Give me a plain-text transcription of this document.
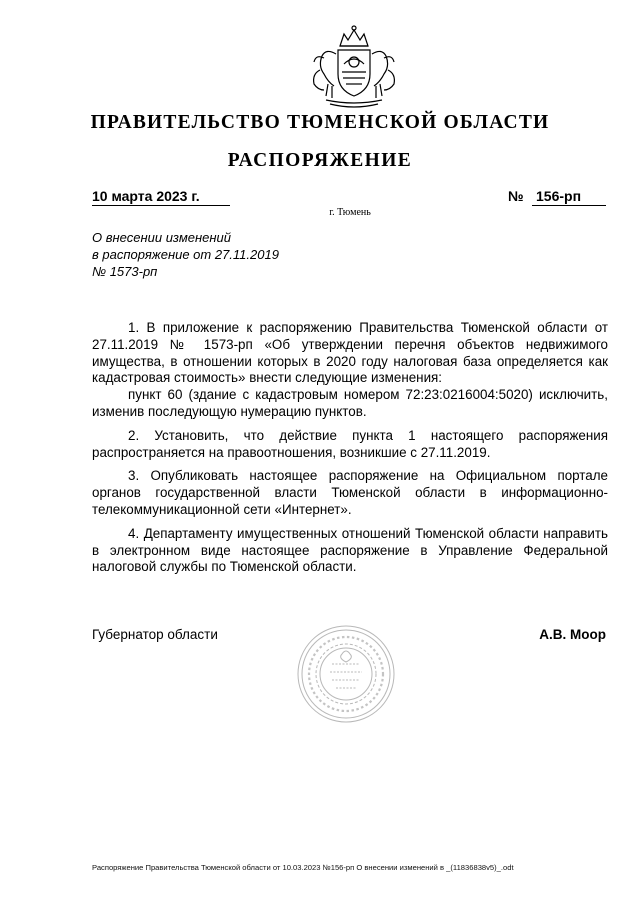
ПРАВИТЕЛЬСТВО ТЮМЕНСКОЙ ОБЛАСТИ
РАСПОРЯЖЕНИЕ
10 марта 2023 г.	№ 156-рп
г. Тюмень
О внесении изменений
в распоряжение от 27.11.2019
№ 1573-рп

1. В приложение к распоряжению Правительства Тюменской области от 27.11.2019 № 1573-рп «Об утверждении перечня объектов недвижимого имущества, в отношении которых в 2020 году налоговая база определяется как кадастровая стоимость» внести следующие изменения:

пункт 60 (здание с кадастровым номером 72:23:0216004:5020) исключить, изменив последующую нумерацию пунктов.

2. Установить, что действие пункта 1 настоящего распоряжения распространяется на правоотношения, возникшие с 27.11.2019.

3. Опубликовать настоящее распоряжение на Официальном портале органов государственной власти Тюменской области в информационно-телекоммуникационной сети «Интернет».

4. Департаменту имущественных отношений Тюменской области направить в электронном виде настоящее распоряжение в Управление Федеральной налоговой службы по Тюменской области.

Губернатор области	А.В. Моор
Распоряжение Правительства Тюменской области от 10.03.2023 №156-рп О внесении изменений в _(11836838v5)_.odt
